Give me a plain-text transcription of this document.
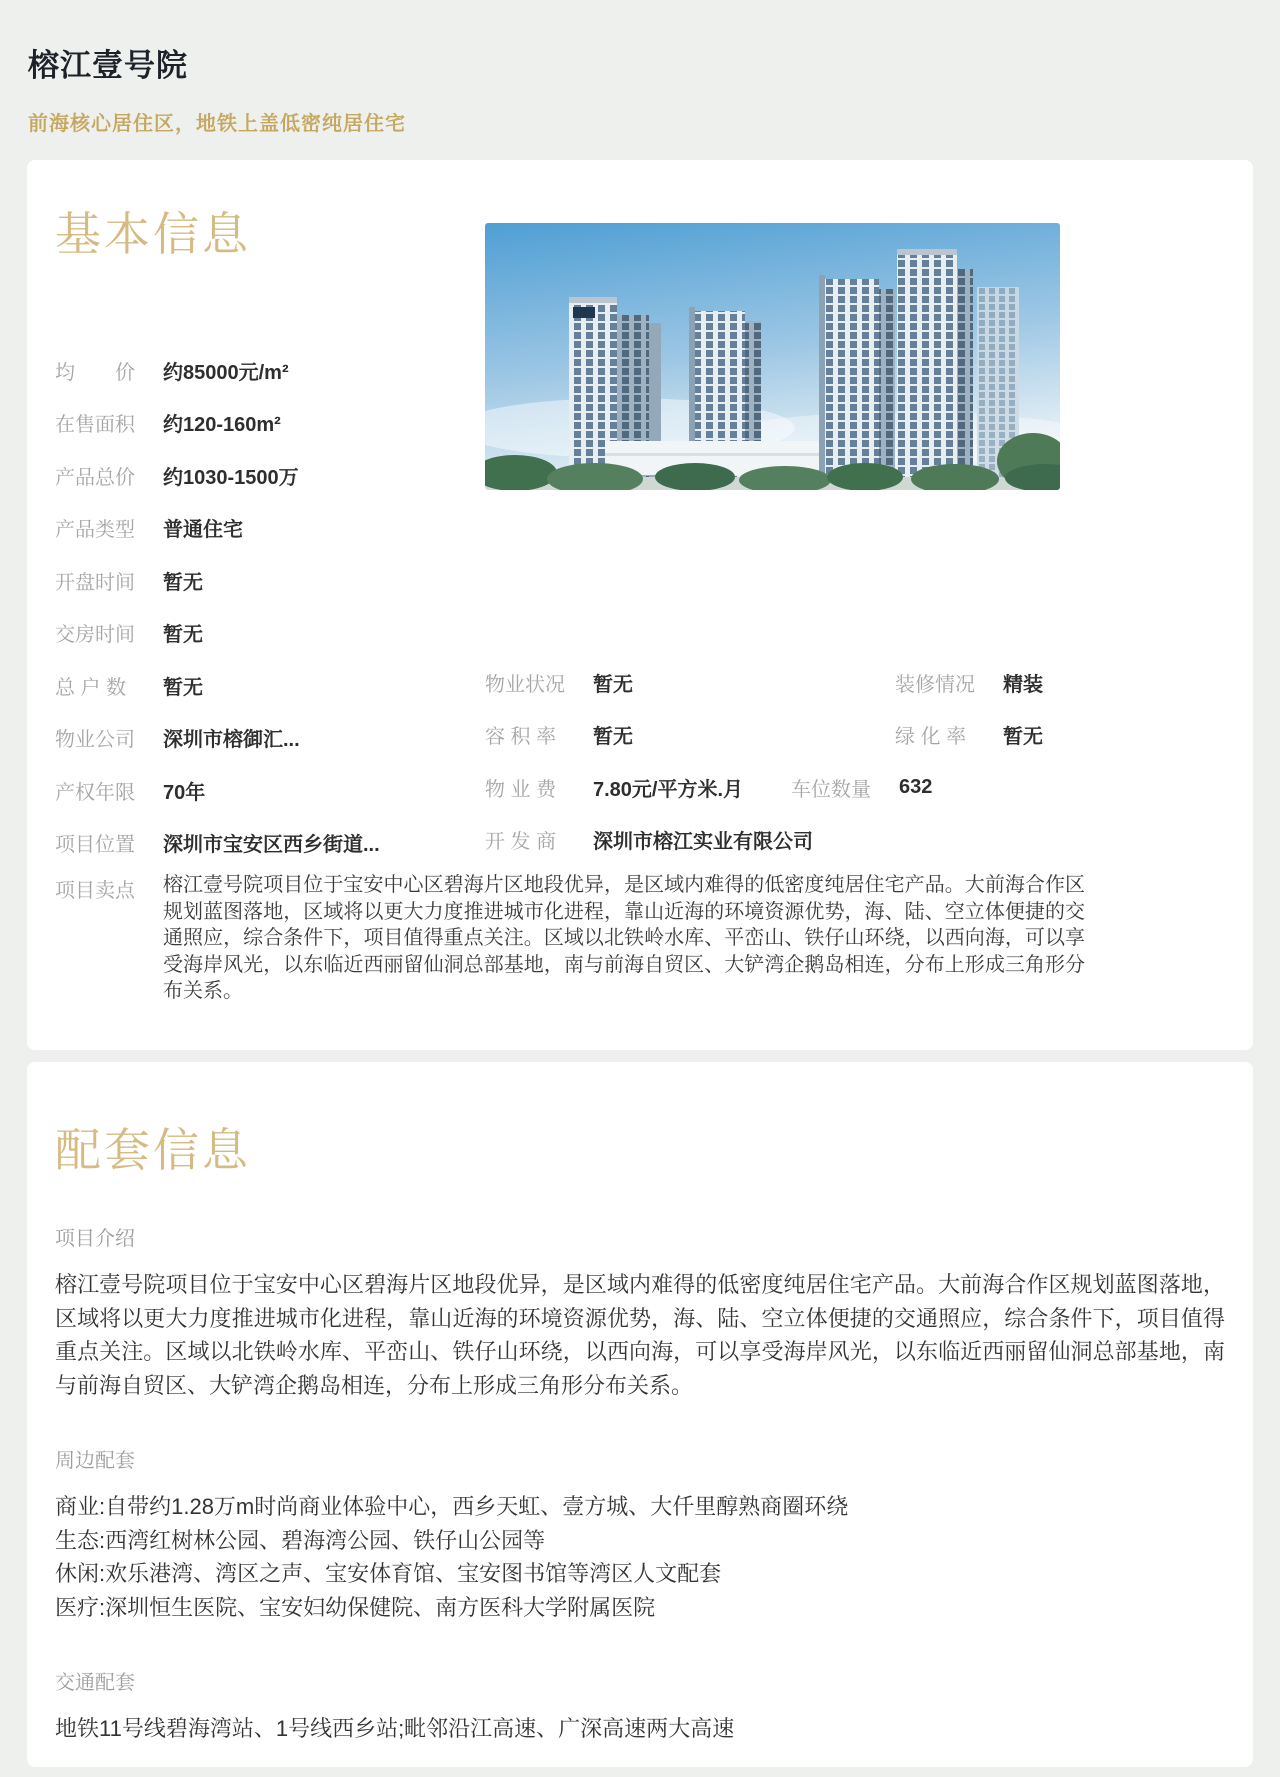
榕江壹号院
前海核心居住区，地铁上盖低密纯居住宅
基本信息
均　　价	约85000元/m²
在售面积	约120-160m²
产品总价	约1030-1500万
产品类型	普通住宅
开盘时间	暂无
交房时间	暂无
总 户 数	暂无
物业公司	深圳市榕御汇...
产权年限	70年
项目位置	深圳市宝安区西乡街道...
物业状况	暂无	装修情况	精装
容 积 率	暂无	绿 化 率	暂无
物 业 费	7.80元/平方米.月 车位数量	632
开 发 商	深圳市榕江实业有限公司
项目卖点	榕江壹号院项目位于宝安中心区碧海片区地段优异，是区域内难得的低密度纯居住宅产品。大前海合作区规划蓝图落地，区域将以更大力度推进城市化进程，靠山近海的环境资源优势，海、陆、空立体便捷的交通照应，综合条件下，项目值得重点关注。区域以北铁岭水库、平峦山、铁仔山环绕，以西向海，可以享受海岸风光，以东临近西丽留仙洞总部基地，南与前海自贸区、大铲湾企鹅岛相连，分布上形成三角形分布关系。
配套信息
项目介绍
榕江壹号院项目位于宝安中心区碧海片区地段优异，是区域内难得的低密度纯居住宅产品。大前海合作区规划蓝图落地，区域将以更大力度推进城市化进程，靠山近海的环境资源优势，海、陆、空立体便捷的交通照应，综合条件下，项目值得重点关注。区域以北铁岭水库、平峦山、铁仔山环绕，以西向海，可以享受海岸风光，以东临近西丽留仙洞总部基地，南与前海自贸区、大铲湾企鹅岛相连，分布上形成三角形分布关系。
周边配套
商业:自带约1.28万m时尚商业体验中心，西乡天虹、壹方城、大仟里醇熟商圈环绕
生态:西湾红树林公园、碧海湾公园、铁仔山公园等
休闲:欢乐港湾、湾区之声、宝安体育馆、宝安图书馆等湾区人文配套
医疗:深圳恒生医院、宝安妇幼保健院、南方医科大学附属医院
交通配套
地铁11号线碧海湾站、1号线西乡站;毗邻沿江高速、广深高速两大高速
